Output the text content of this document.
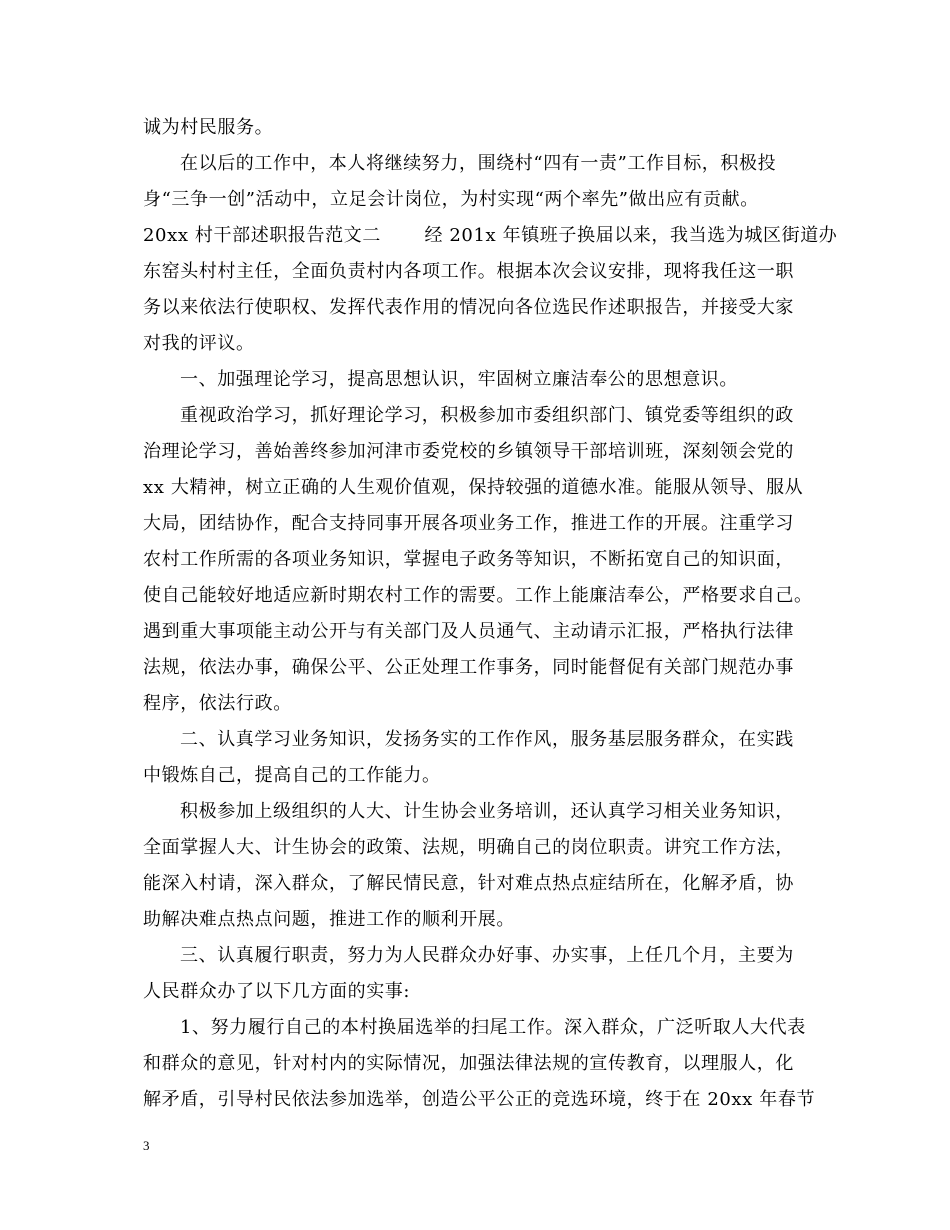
诚为村民服务。
在以后的工作中，本人将继续努力，围绕村“四有一责”工作目标，积极投
身“三争一创”活动中，立足会计岗位，为村实现“两个率先”做出应有贡献。
20xx 村干部述职报告范文二　　 经 201x 年镇班子换届以来，我当选为城区街道办
东窑头村村主任，全面负责村内各项工作。根据本次会议安排，现将我任这一职
务以来依法行使职权、发挥代表作用的情况向各位选民作述职报告，并接受大家
对我的评议。
一、加强理论学习，提高思想认识，牢固树立廉洁奉公的思想意识。
重视政治学习，抓好理论学习，积极参加市委组织部门、镇党委等组织的政
治理论学习，善始善终参加河津市委党校的乡镇领导干部培训班，深刻领会党的
xx 大精神，树立正确的人生观价值观，保持较强的道德水准。能服从领导、服从
大局，团结协作，配合支持同事开展各项业务工作，推进工作的开展。注重学习
农村工作所需的各项业务知识，掌握电子政务等知识，不断拓宽自己的知识面，
使自己能较好地适应新时期农村工作的需要。工作上能廉洁奉公，严格要求自己。
遇到重大事项能主动公开与有关部门及人员通气、主动请示汇报，严格执行法律
法规，依法办事，确保公平、公正处理工作事务，同时能督促有关部门规范办事
程序，依法行政。
二、认真学习业务知识，发扬务实的工作作风，服务基层服务群众，在实践
中锻炼自己，提高自己的工作能力。
积极参加上级组织的人大、计生协会业务培训，还认真学习相关业务知识，
全面掌握人大、计生协会的政策、法规，明确自己的岗位职责。讲究工作方法，
能深入村请，深入群众，了解民情民意，针对难点热点症结所在，化解矛盾，协
助解决难点热点问题，推进工作的顺利开展。
三、认真履行职责，努力为人民群众办好事、办实事，上任几个月，主要为
人民群众办了以下几方面的实事:
1、努力履行自己的本村换届选举的扫尾工作。深入群众，广泛听取人大代表
和群众的意见，针对村内的实际情况，加强法律法规的宣传教育，以理服人，化
解矛盾，引导村民依法参加选举，创造公平公正的竞选环境，终于在 20xx 年春节
3
